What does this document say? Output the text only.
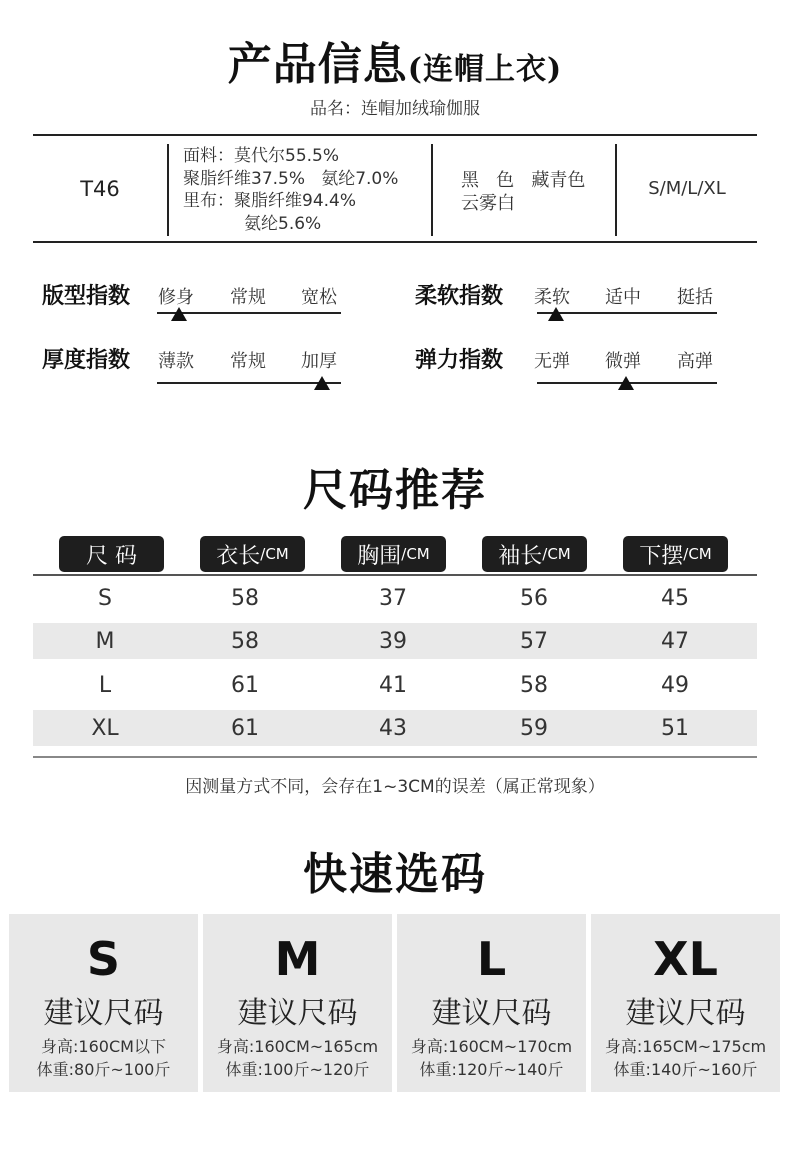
产品信息(连帽上衣)
品名：连帽加绒瑜伽服
T46
面料：莫代尔55.5%
聚脂纤维37.5%   氨纶7.0%
里布：聚脂纤维94.4%
氨纶5.6%
黑   色   藏青色
云雾白
S/M/L/XL
版型指数 修身 常规 宽松	柔软指数 柔软 适中 挺括
厚度指数 薄款 常规 加厚	弹力指数 无弹 微弹 高弹
尺码推荐
尺 码	衣长 /CM	胸围 /CM	袖长 /CM	下摆 /CM
S	58	37	56	45
M	58	39	57	47
L	61	41	58	49
XL	61	43	59	51
因测量方式不同，会存在1~3CM的误差（属正常现象）
快速选码
S
建议尺码
身高:160CM以下
体重:80斤~100斤
M
建议尺码
身高:160CM~165cm
体重:100斤~120斤
L
建议尺码
身高:160CM~170cm
体重:120斤~140斤
XL
建议尺码
身高:165CM~175cm
体重:140斤~160斤
